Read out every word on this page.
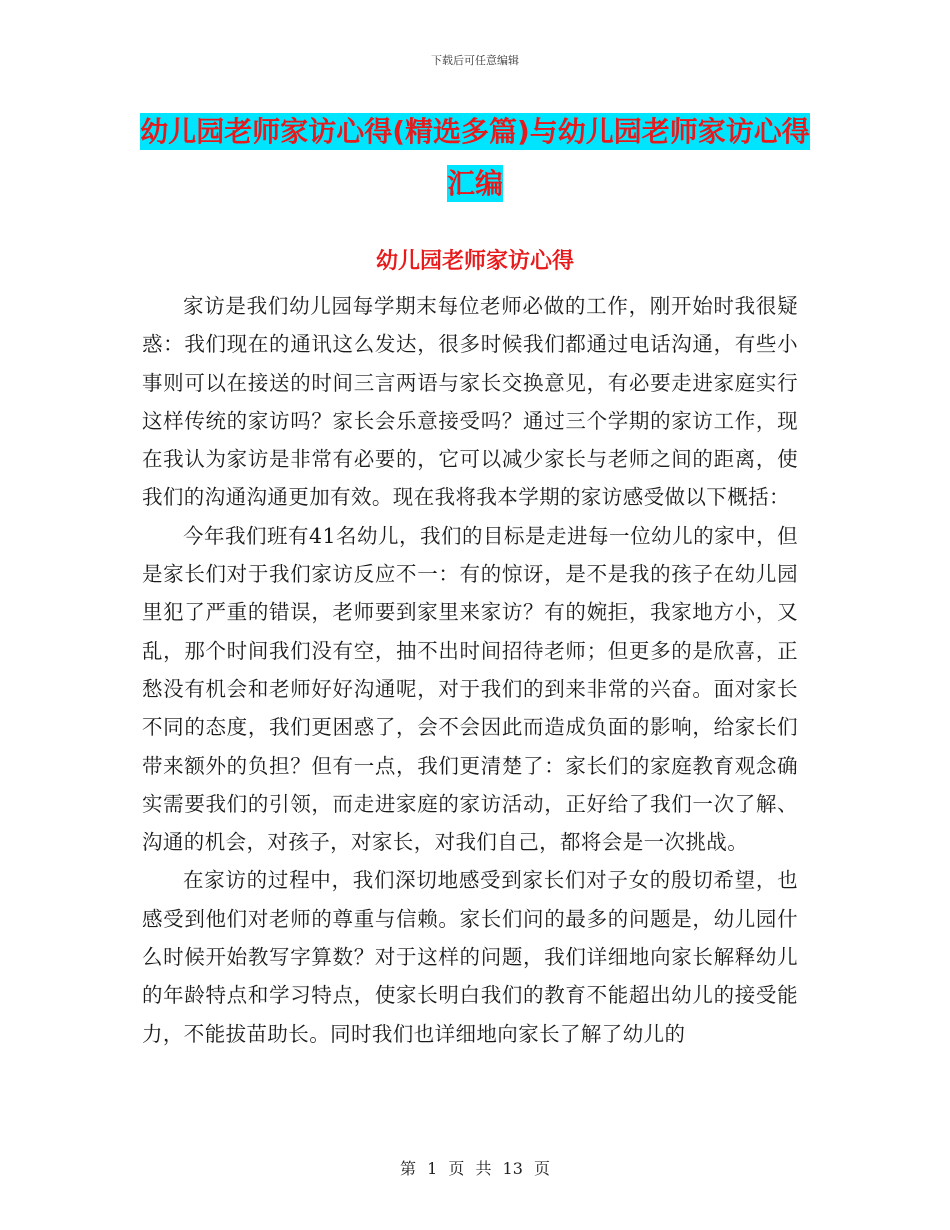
下载后可任意编辑
幼儿园老师家访心得(精选多篇)与幼儿园老师家访心得汇编
幼儿园老师家访心得

家访是我们幼儿园每学期末每位老师必做的工作，刚开始时我很疑惑：我们现在的通讯这么发达，很多时候我们都通过电话沟通，有些小事则可以在接送的时间三言两语与家长交换意见，有必要走进家庭实行这样传统的家访吗？家长会乐意接受吗？通过三个学期的家访工作，现在我认为家访是非常有必要的，它可以减少家长与老师之间的距离，使我们的沟通沟通更加有效。现在我将我本学期的家访感受做以下概括：

今年我们班有41名幼儿，我们的目标是走进每一位幼儿的家中，但是家长们对于我们家访反应不一：有的惊讶，是不是我的孩子在幼儿园里犯了严重的错误，老师要到家里来家访？有的婉拒，我家地方小，又乱，那个时间我们没有空，抽不出时间招待老师；但更多的是欣喜，正愁没有机会和老师好好沟通呢，对于我们的到来非常的兴奋。面对家长不同的态度，我们更困惑了，会不会因此而造成负面的影响，给家长们带来额外的负担？但有一点，我们更清楚了：家长们的家庭教育观念确实需要我们的引领，而走进家庭的家访活动，正好给了我们一次了解、沟通的机会，对孩子，对家长，对我们自己，都将会是一次挑战。

在家访的过程中，我们深切地感受到家长们对子女的殷切希望，也感受到他们对老师的尊重与信赖。家长们问的最多的问题是，幼儿园什么时候开始教写字算数？对于这样的问题，我们详细地向家长解释幼儿的年龄特点和学习特点，使家长明白我们的教育不能超出幼儿的接受能力，不能拔苗助长。同时我们也详细地向家长了解了幼儿的

第 1 页 共 13 页
